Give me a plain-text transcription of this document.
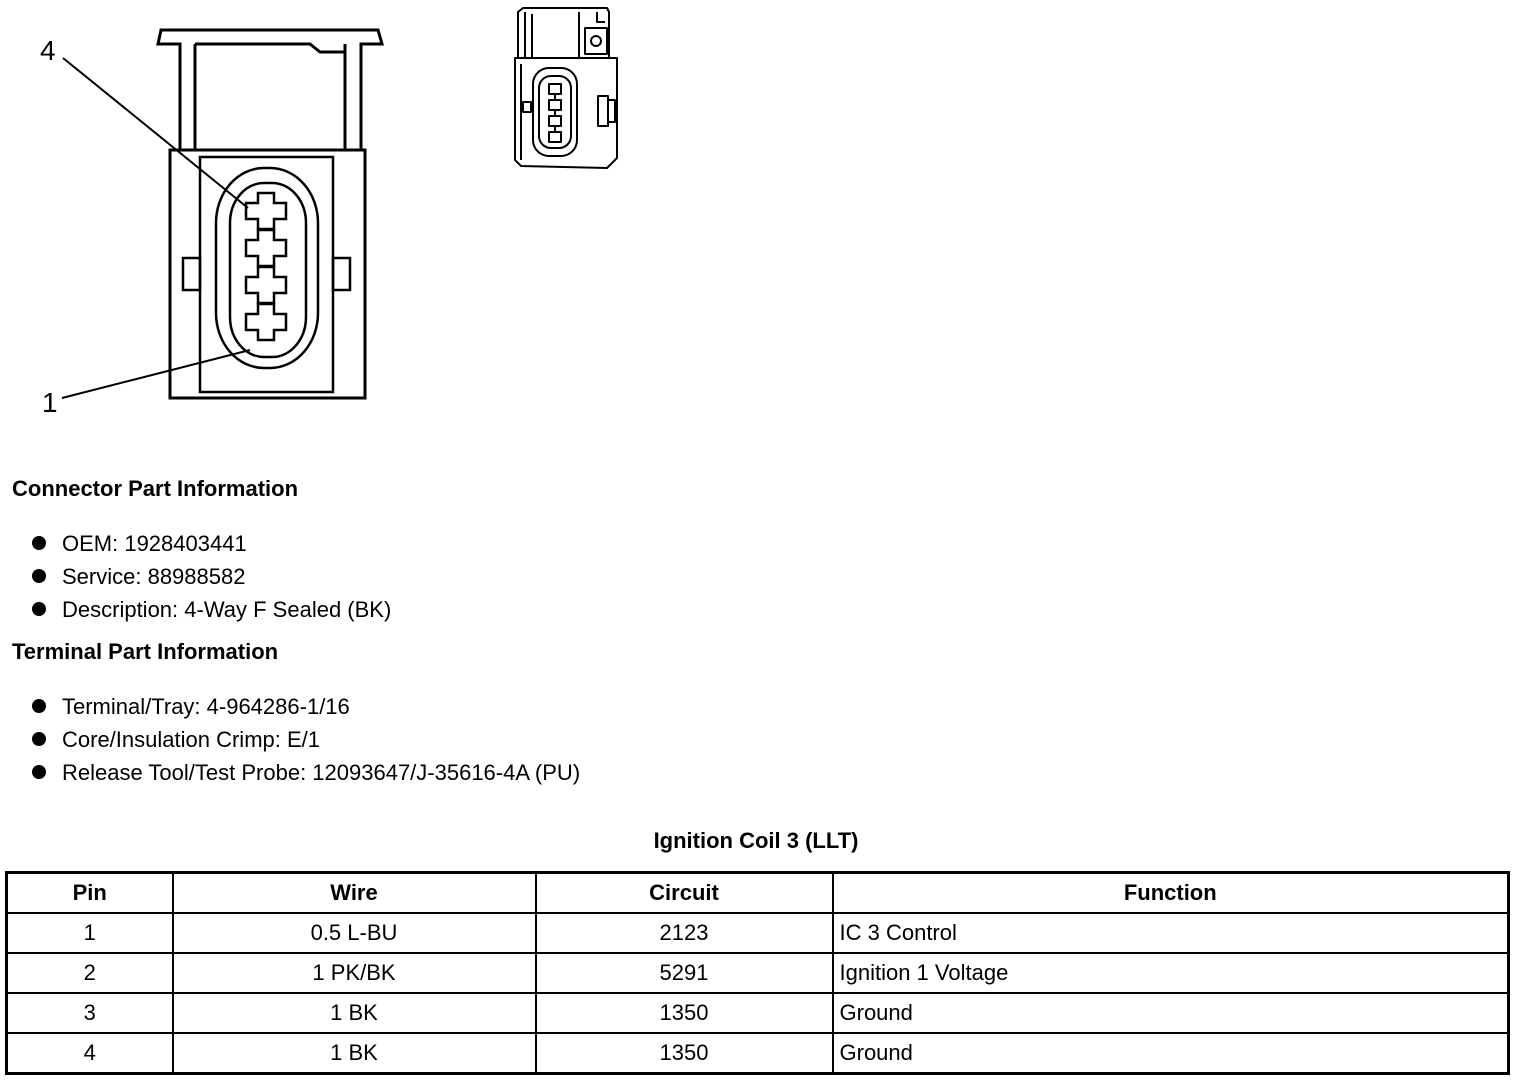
4
1
Connector Part Information
OEM: 1928403441
Service: 88988582
Description: 4-Way F Sealed (BK)
Terminal Part Information
Terminal/Tray: 4-964286-1/16
Core/Insulation Crimp: E/1
Release Tool/Test Probe: 12093647/J-35616-4A (PU)
Ignition Coil 3 (LLT)
Pin	Wire	Circuit	Function
1	0.5 L-BU	2123	IC 3 Control
2	1 PK/BK	5291	Ignition 1 Voltage
3	1 BK	1350	Ground
4	1 BK	1350	Ground
